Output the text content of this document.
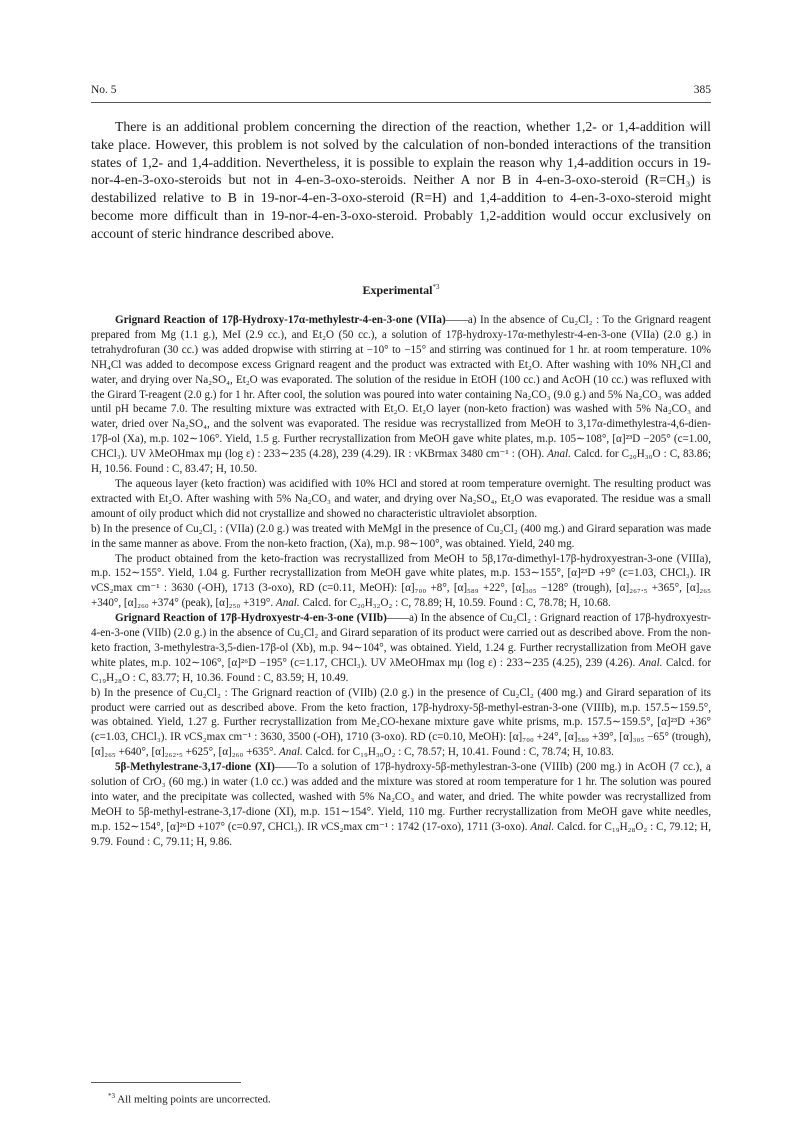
No. 5	385

There is an additional problem concerning the direction of the reaction, whether 1,2- or 1,4-addition will take place. However, this problem is not solved by the calculation of non-bonded interactions of the transition states of 1,2- and 1,4-addition. Nevertheless, it is possible to explain the reason why 1,4-addition occurs in 19-nor-4-en-3-oxo-steroids but not in 4-en-3-oxo-steroids. Neither A nor B in 4-en-3-oxo-steroid (R=CH₃) is destabilized relative to B in 19-nor-4-en-3-oxo-steroid (R=H) and 1,4-addition to 4-en-3-oxo-steroid might become more difficult than in 19-nor-4-en-3-oxo-steroid. Probably 1,2-addition would occur exclusively on account of steric hindrance described above.

Experimental$^{*3}$

Grignard Reaction of 17β-Hydroxy-17α-methylestr-4-en-3-one (VIIa)——a) In the absence of Cu₂Cl₂ : To the Grignard reagent prepared from Mg (1.1 g.), MeI (2.9 cc.), and Et₂O (50 cc.), a solution of 17β-hydroxy-17α-methylestr-4-en-3-one (VIIa) (2.0 g.) in tetrahydrofuran (30 cc.) was added dropwise with stirring at −10° to −15° and stirring was continued for 1 hr. at room temperature. 10% NH₄Cl was added to decompose excess Grignard reagent and the product was extracted with Et₂O. After washing with 10% NH₄Cl and water, and drying over Na₂SO₄, Et₂O was evaporated. The solution of the residue in EtOH (100 cc.) and AcOH (10 cc.) was refluxed with the Girard T-reagent (2.0 g.) for 1 hr. After cool, the solution was poured into water containing Na₂CO₃ (9.0 g.) and 5% Na₂CO₃ was added until pH became 7.0. The resulting mixture was extracted with Et₂O. Et₂O layer (non-keto fraction) was washed with 5% Na₂CO₃ and water, dried over Na₂SO₄, and the solvent was evaporated. The residue was recrystallized from MeOH to 3,17α-dimethylestra-4,6-dien-17β-ol (Xa), m.p. 102∼106°. Yield, 1.5 g. Further recrystallization from MeOH gave white plates, m.p. 105∼108°, [α]²³D −205° (c=1.00, CHCl₃). UV λMeOHmax mμ (log ε) : 233∼235 (4.28), 239 (4.29). IR : νKBrmax 3480 cm⁻¹ : (OH). Anal. Calcd. for C₂₀H₃₀O : C, 83.86; H, 10.56. Found : C, 83.47; H, 10.50.

The aqueous layer (keto fraction) was acidified with 10% HCl and stored at room temperature overnight. The resulting product was extracted with Et₂O. After washing with 5% Na₂CO₃ and water, and drying over Na₂SO₄, Et₂O was evaporated. The residue was a small amount of oily product which did not crystallize and showed no characteristic ultraviolet absorption.

b) In the presence of Cu₂Cl₂ : (VIIa) (2.0 g.) was treated with MeMgI in the presence of Cu₂Cl₂ (400 mg.) and Girard separation was made in the same manner as above. From the non-keto fraction, (Xa), m.p. 98∼100°, was obtained. Yield, 240 mg.

The product obtained from the keto-fraction was recrystallized from MeOH to 5β,17α-dimethyl-17β-hydroxyestran-3-one (VIIIa), m.p. 152∼155°. Yield, 1.04 g. Further recrystallization from MeOH gave white plates, m.p. 153∼155°, [α]²³D +9° (c=1.03, CHCl₃). IR νCS₂max cm⁻¹ : 3630 (-OH), 1713 (3-oxo), RD (c=0.11, MeOH): [α]₇₀₀ +8°, [α]₅₈₉ +22°, [α]₃₀₅ −128° (trough), [α]₂₆₇.₅ +365°, [α]₂₆₅ +340°, [α]₂₆₀ +374° (peak), [α]₂₅₀ +319°. Anal. Calcd. for C₂₀H₃₂O₂ : C, 78.89; H, 10.59. Found : C, 78.78; H, 10.68.

Grignard Reaction of 17β-Hydroxyestr-4-en-3-one (VIIb)——a) In the absence of Cu₂Cl₂ : Grignard reaction of 17β-hydroxyestr-4-en-3-one (VIIb) (2.0 g.) in the absence of Cu₂Cl₂ and Girard separation of its product were carried out as described above. From the non-keto fraction, 3-methylestra-3,5-dien-17β-ol (Xb), m.p. 94∼104°, was obtained. Yield, 1.24 g. Further recrystallization from MeOH gave white plates, m.p. 102∼106°, [α]²⁶D −195° (c=1.17, CHCl₃). UV λMeOHmax mμ (log ε) : 233∼235 (4.25), 239 (4.26). Anal. Calcd. for C₁₉H₂₈O : C, 83.77; H, 10.36. Found : C, 83.59; H, 10.49.

b) In the presence of Cu₂Cl₂ : The Grignard reaction of (VIIb) (2.0 g.) in the presence of Cu₂Cl₂ (400 mg.) and Girard separation of its product were carried out as described above. From the keto fraction, 17β-hydroxy-5β-methyl-estran-3-one (VIIIb), m.p. 157.5∼159.5°, was obtained. Yield, 1.27 g. Further recrystallization from Me₂CO-hexane mixture gave white prisms, m.p. 157.5∼159.5°, [α]²³D +36° (c=1.03, CHCl₃). IR νCS₂max cm⁻¹ : 3630, 3500 (-OH), 1710 (3-oxo). RD (c=0.10, MeOH): [α]₇₀₀ +24°, [α]₅₈₉ +39°, [α]₃₀₅ −65° (trough), [α]₂₆₅ +640°, [α]₂₆₂.₅ +625°, [α]₂₆₀ +635°. Anal. Calcd. for C₁₉H₃₀O₂ : C, 78.57; H, 10.41. Found : C, 78.74; H, 10.83.

5β-Methylestrane-3,17-dione (XI)——To a solution of 17β-hydroxy-5β-methylestran-3-one (VIIIb) (200 mg.) in AcOH (7 cc.), a solution of CrO₃ (60 mg.) in water (1.0 cc.) was added and the mixture was stored at room temperature for 1 hr. The solution was poured into water, and the precipitate was collected, washed with 5% Na₂CO₃ and water, and dried. The white powder was recrystallized from MeOH to 5β-methyl-estrane-3,17-dione (XI), m.p. 151∼154°. Yield, 110 mg. Further recrystallization from MeOH gave white needles, m.p. 152∼154°, [α]²⁶D +107° (c=0.97, CHCl₃). IR νCS₂max cm⁻¹ : 1742 (17-oxo), 1711 (3-oxo). Anal. Calcd. for C₁₉H₂₈O₂ : C, 79.12; H, 9.79. Found : C, 79.11; H, 9.86.

$^{*3}$ All melting points are uncorrected.
